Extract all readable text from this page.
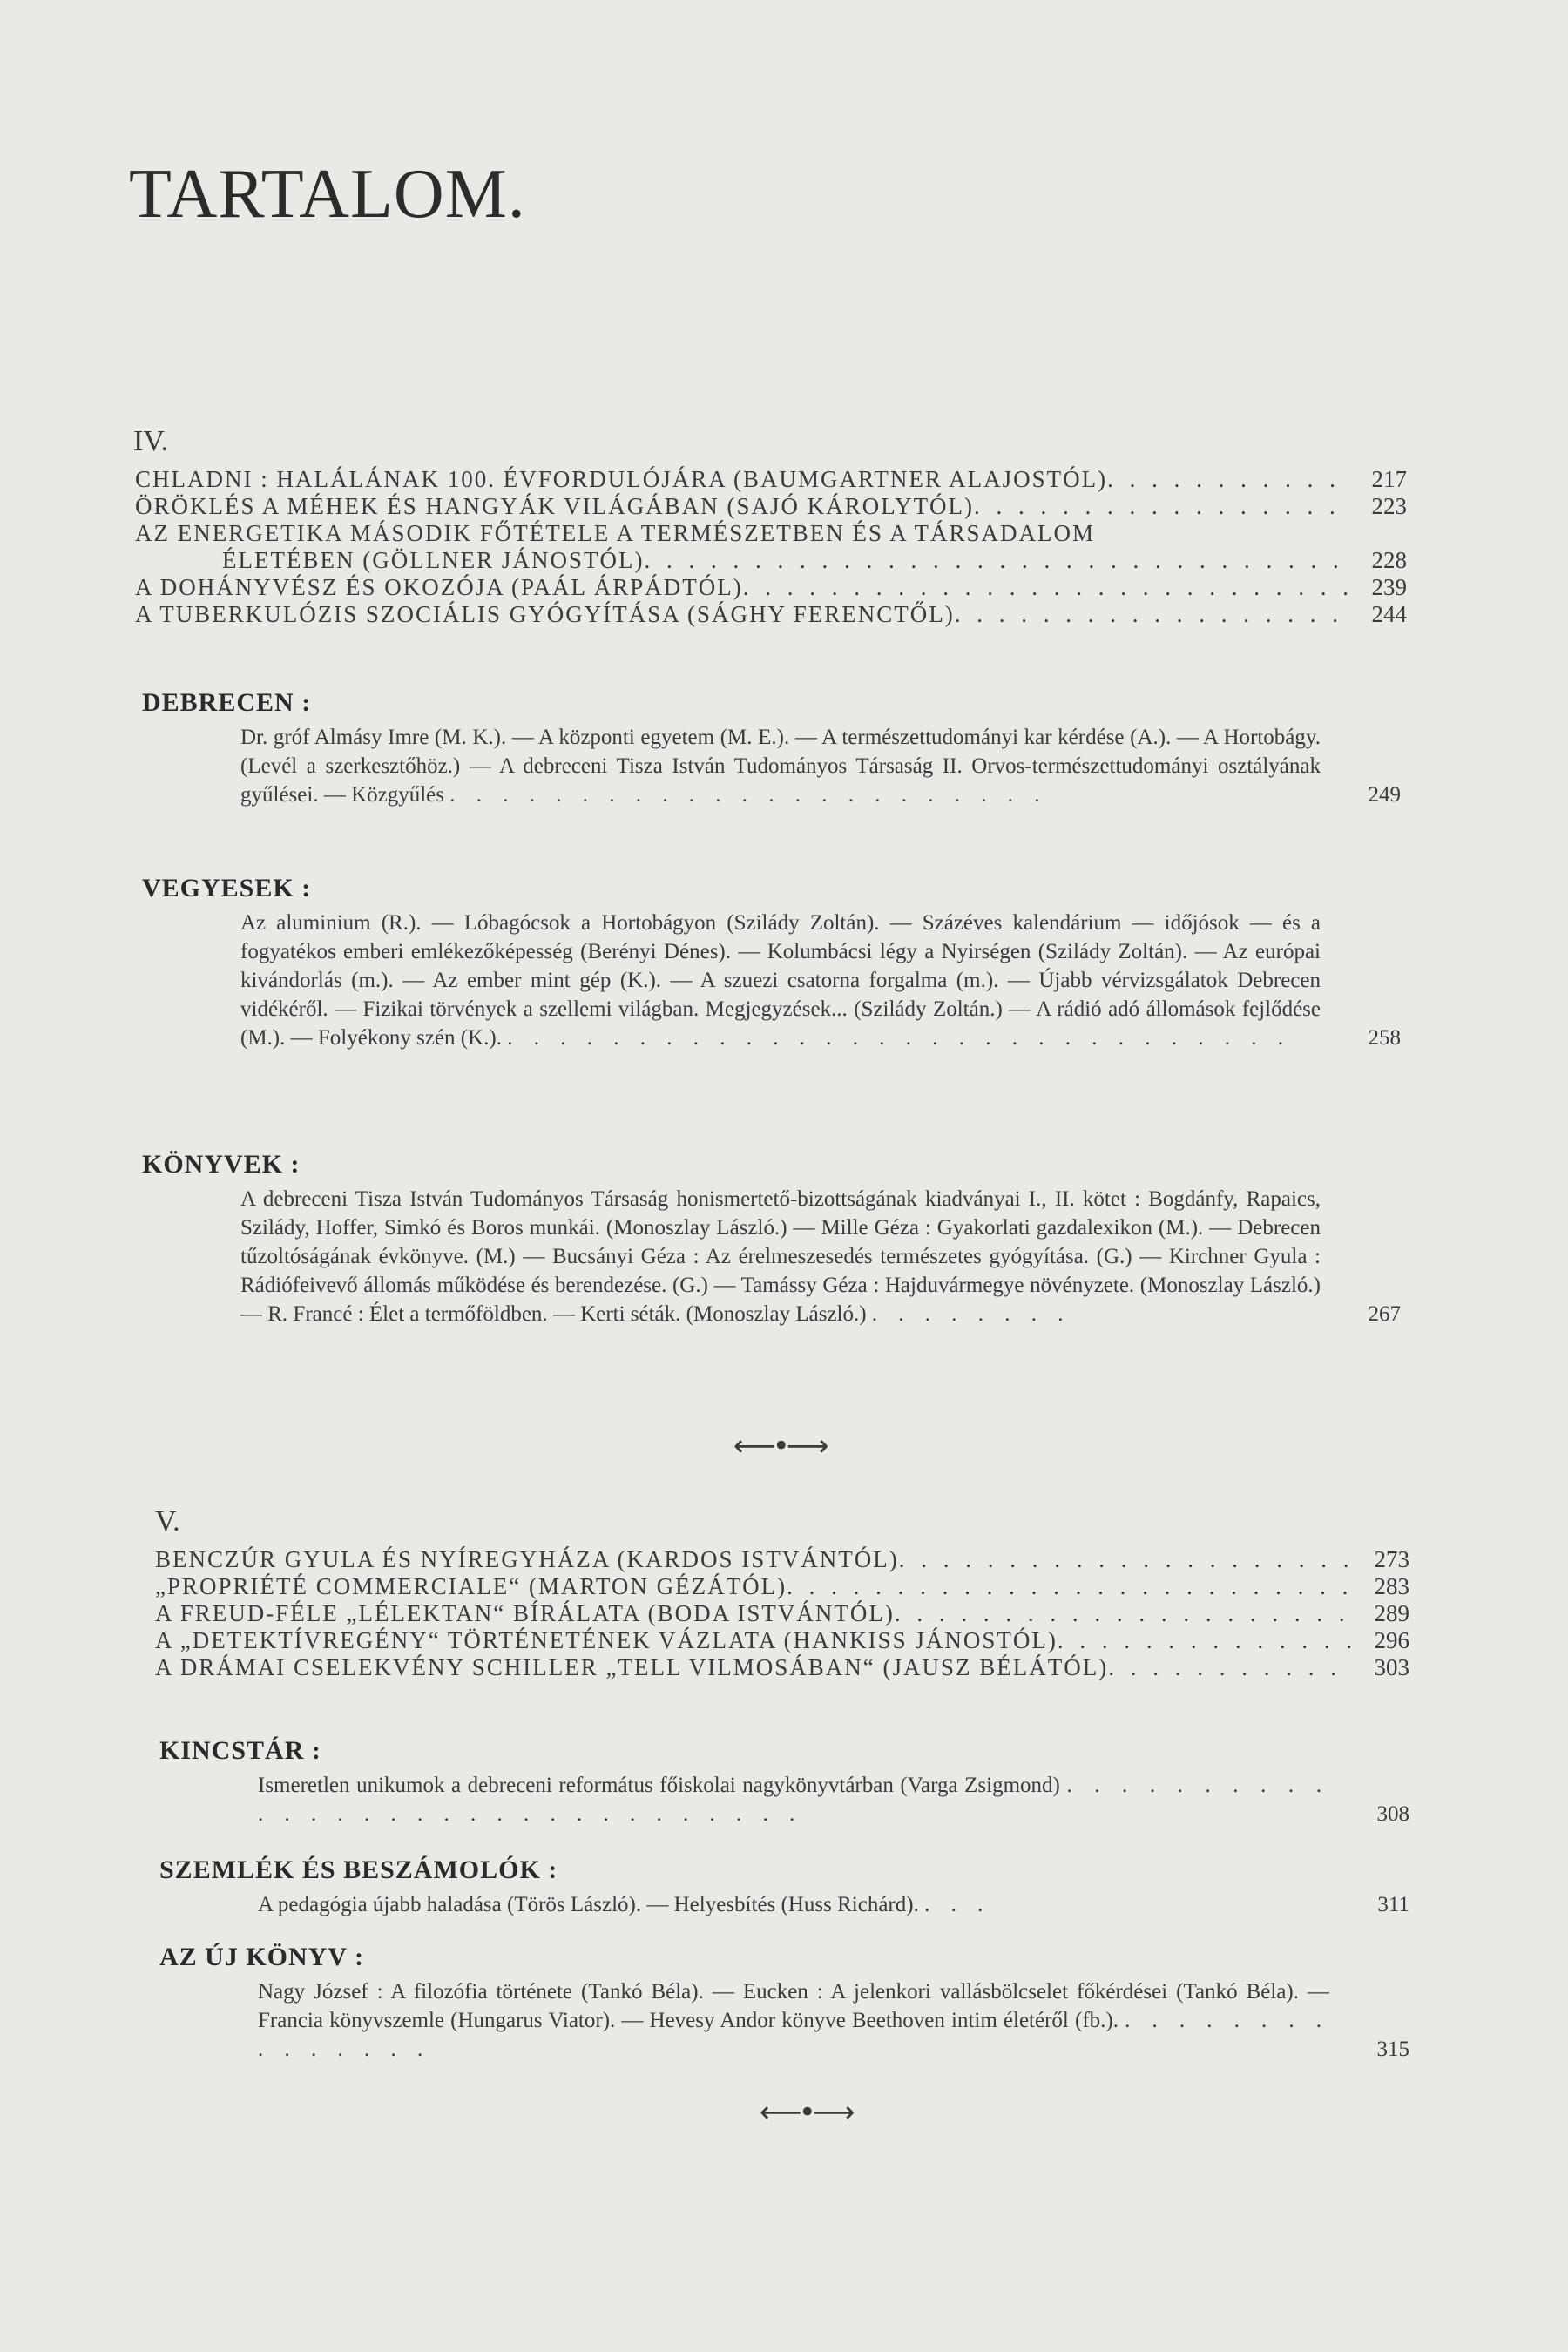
TARTALOM.
IV.
CHLADNI : HALÁLÁNAK 100. ÉVFORDULÓJÁRA (BAUMGARTNER ALAJOSTÓL) . . .	217
ÖRÖKLÉS A MÉHEK ÉS HANGYÁK VILÁGÁBAN (SAJÓ KÁROLYTÓL) . . .	223
AZ ENERGETIKA MÁSODIK FŐTÉTELE A TERMÉSZETBEN ÉS A TÁRSADALOM
ÉLETÉBEN (GÖLLNER JÁNOSTÓL) . . .	228
A DOHÁNYVÉSZ ÉS OKOZÓJA (PAÁL ÁRPÁDTÓL) . . .	239
A TUBERKULÓZIS SZOCIÁLIS GYÓGYÍTÁSA (SÁGHY FERENCTŐL) . . .	244
DEBRECEN :
Dr. gróf Almásy Imre (M. K.). — A központi egyetem (M. E.). — A természettudományi kar kérdése (A.). — A Hortobágy. (Levél a szerkesztőhöz.) — A debreceni Tisza István Tudományos Társaság II. Orvos-természettudományi osztályának gyűlései. — Közgyűlés . . . . . . . . . . . . . . . . . . . . . . .	249
VEGYESEK :
Az aluminium (R.). — Lóbagócsok a Hortobágyon (Szilády Zoltán). — Százéves kalendárium — időjósok — és a fogyatékos emberi emlékezőképesség (Berényi Dénes). — Kolumbácsi légy a Nyirségen (Szilády Zoltán). — Az európai kivándorlás (m.). — Az ember mint gép (K.). — A szuezi csatorna forgalma (m.). — Újabb vérvizsgálatok Debrecen vidékéről. — Fizikai törvények a szellemi világban. Megjegyzések... (Szilády Zoltán.) — A rádió adó állomások fejlődése (M.). — Folyékony szén (K.). . . . . . . . . . . . . . . . . . . . . . . . . . . . . . .	258
KÖNYVEK :
A debreceni Tisza István Tudományos Társaság honismertető-bizottságának kiadványai I., II. kötet : Bogdánfy, Rapaics, Szilády, Hoffer, Simkó és Boros munkái. (Monoszlay László.) — Mille Géza : Gyakorlati gazdalexikon (M.). — Debrecen tűzoltóságának évkönyve. (M.) — Bucsányi Géza : Az érelmeszesedés természetes gyógyítása. (G.) — Kirchner Gyula : Rádiófeivevő állomás működése és berendezése. (G.) — Tamássy Géza : Hajduvármegye növényzete. (Monoszlay László.) — R. Francé : Élet a termőföldben. — Kerti séták. (Monoszlay László.) . . . . . . . .	267
⟵•⟶
V.
BENCZÚR GYULA ÉS NYÍREGYHÁZA (KARDOS ISTVÁNTÓL) . . .	273
„PROPRIÉTÉ COMMERCIALE“ (MARTON GÉZÁTÓL) . . .	283
A FREUD-FÉLE „LÉLEKTAN“ BÍRÁLATA (BODA ISTVÁNTÓL) . . .	289
A „DETEKTÍVREGÉNY“ TÖRTÉNETÉNEK VÁZLATA (HANKISS JÁNOSTÓL) . . .	296
A DRÁMAI CSELEKVÉNY SCHILLER „TELL VILMOSÁBAN“ (JAUSZ BÉLÁTÓL) . . .	303
KINCSTÁR :
Ismeretlen unikumok a debreceni református főiskolai nagykönyvtárban (Varga Zsigmond) . . . . . . . . . . . . . . . . . . . . . . . . . . . . . . .	308
SZEMLÉK ÉS BESZÁMOLÓK :
A pedagógia újabb haladása (Törös László). — Helyesbítés (Huss Richárd). . . .	311
AZ ÚJ KÖNYV :
Nagy József : A filozófia története (Tankó Béla). — Eucken : A jelenkori vallásbölcselet főkérdései (Tankó Béla). — Francia könyvszemle (Hungarus Viator). — Hevesy Andor könyve Beethoven intim életéről (fb.). . . . . . . . . . . . . . . .	315
⟵•⟶
